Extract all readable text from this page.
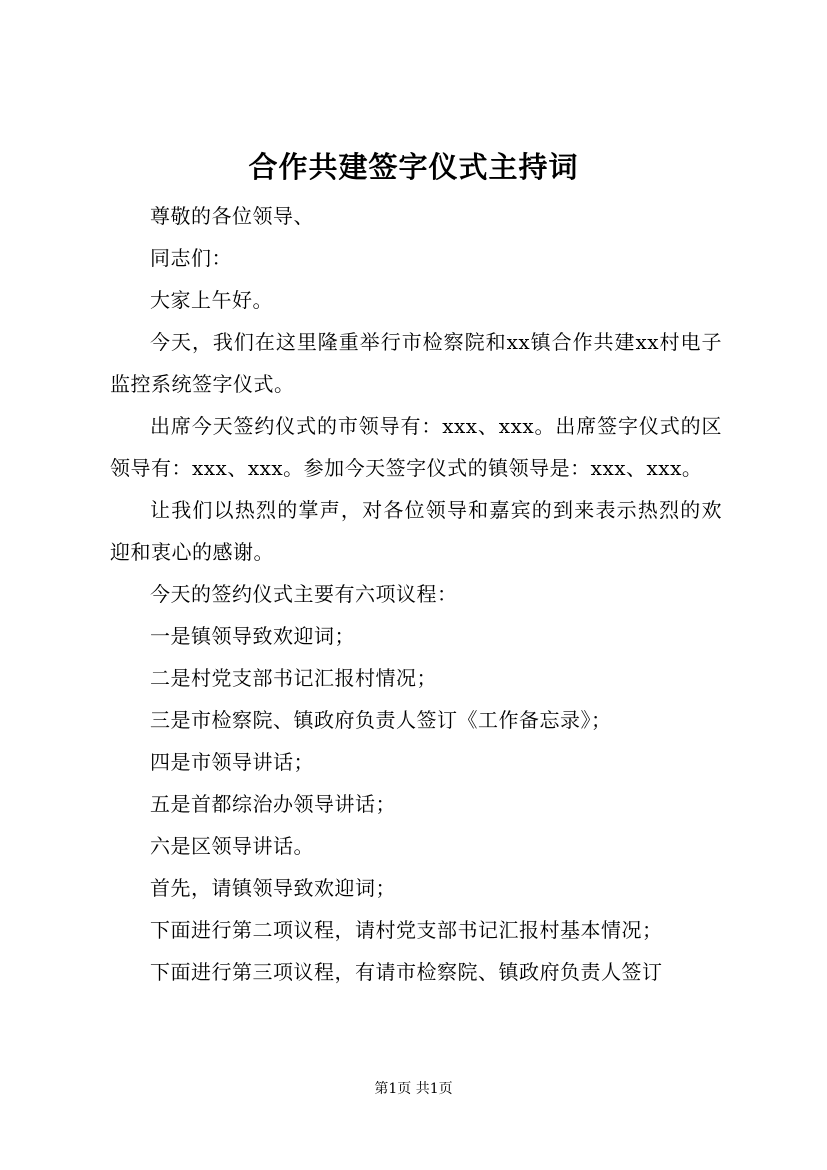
合作共建签字仪式主持词

尊敬的各位领导、

同志们：

大家上午好。

今天，我们在这里隆重举行市检察院和xx镇合作共建xx村电子监控系统签字仪式。

出席今天签约仪式的市领导有：xxx、xxx。出席签字仪式的区领导有：xxx、xxx。参加今天签字仪式的镇领导是：xxx、xxx。

让我们以热烈的掌声，对各位领导和嘉宾的到来表示热烈的欢迎和衷心的感谢。

今天的签约仪式主要有六项议程：

一是镇领导致欢迎词；

二是村党支部书记汇报村情况；

三是市检察院、镇政府负责人签订《工作备忘录》；

四是市领导讲话；

五是首都综治办领导讲话；

六是区领导讲话。

首先，请镇领导致欢迎词；

下面进行第二项议程，请村党支部书记汇报村基本情况；

下面进行第三项议程，有请市检察院、镇政府负责人签订

第1页 共1页
